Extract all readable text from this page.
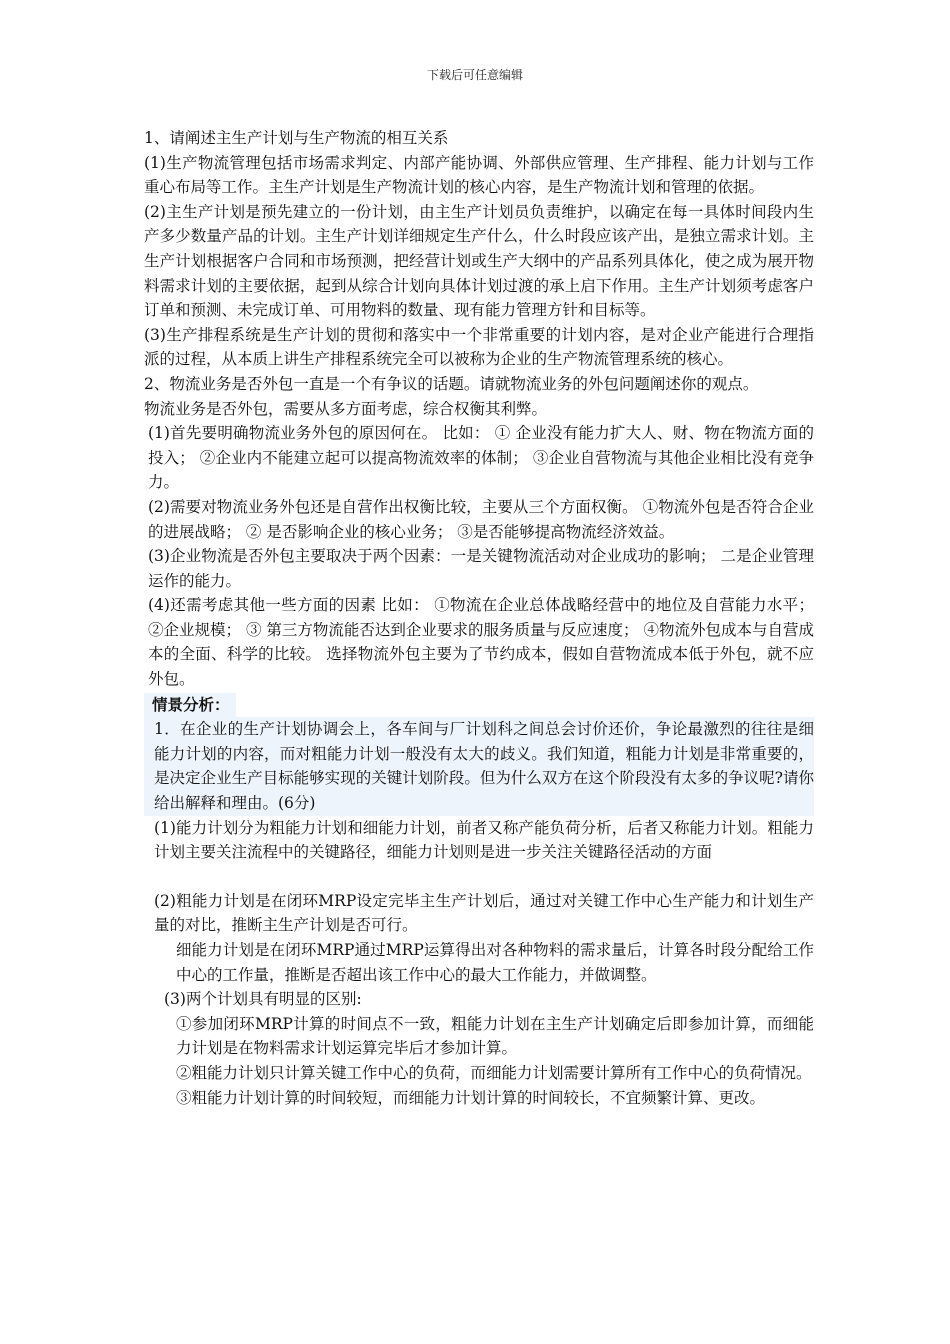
下载后可任意编辑

1、请阐述主生产计划与生产物流的相互关系

(1)生产物流管理包括市场需求判定、内部产能协调、外部供应管理、生产排程、能力计划与工作重心布局等工作。主生产计划是生产物流计划的核心内容，是生产物流计划和管理的依据。

(2)主生产计划是预先建立的一份计划，由主生产计划员负责维护，以确定在每一具体时间段内生产多少数量产品的计划。主生产计划详细规定生产什么，什么时段应该产出，是独立需求计划。主生产计划根据客户合同和市场预测，把经营计划或生产大纲中的产品系列具体化，使之成为展开物料需求计划的主要依据，起到从综合计划向具体计划过渡的承上启下作用。主生产计划须考虑客户订单和预测、未完成订单、可用物料的数量、现有能力管理方针和目标等。

(3)生产排程系统是生产计划的贯彻和落实中一个非常重要的计划内容，是对企业产能进行合理指派的过程，从本质上讲生产排程系统完全可以被称为企业的生产物流管理系统的核心。

2、物流业务是否外包一直是一个有争议的话题。请就物流业务的外包问题阐述你的观点。

物流业务是否外包，需要从多方面考虑，综合权衡其利弊。

(1)首先要明确物流业务外包的原因何在。 比如： ① 企业没有能力扩大人、财、物在物流方面的投入； ②企业内不能建立起可以提高物流效率的体制； ③企业自营物流与其他企业相比没有竞争力。

(2)需要对物流业务外包还是自营作出权衡比较，主要从三个方面权衡。 ①物流外包是否符合企业的进展战略； ② 是否影响企业的核心业务； ③是否能够提高物流经济效益。

(3)企业物流是否外包主要取决于两个因素：一是关键物流活动对企业成功的影响； 二是企业管理运作的能力。

(4)还需考虑其他一些方面的因素 比如： ①物流在企业总体战略经营中的地位及自营能力水平； ②企业规模； ③ 第三方物流能否达到企业要求的服务质量与反应速度； ④物流外包成本与自营成本的全面、科学的比较。 选择物流外包主要为了节约成本，假如自营物流成本低于外包，就不应外包。

情景分析：

1．在企业的生产计划协调会上，各车间与厂计划科之间总会讨价还价，争论最激烈的往往是细能力计划的内容，而对粗能力计划一般没有太大的歧义。我们知道，粗能力计划是非常重要的，是决定企业生产目标能够实现的关键计划阶段。但为什么双方在这个阶段没有太多的争议呢?请你给出解释和理由。(6分)

(1)能力计划分为粗能力计划和细能力计划，前者又称产能负荷分析，后者又称能力计划。粗能力计划主要关注流程中的关键路径，细能力计划则是进一步关注关键路径活动的方面

(2)粗能力计划是在闭环MRP设定完毕主生产计划后，通过对关键工作中心生产能力和计划生产量的对比，推断主生产计划是否可行。

细能力计划是在闭环MRP通过MRP运算得出对各种物料的需求量后，计算各时段分配给工作中心的工作量，推断是否超出该工作中心的最大工作能力，并做调整。

(3)两个计划具有明显的区别:

①参加闭环MRP计算的时间点不一致，粗能力计划在主生产计划确定后即参加计算，而细能力计划是在物料需求计划运算完毕后才参加计算。

②粗能力计划只计算关键工作中心的负荷，而细能力计划需要计算所有工作中心的负荷情况。

③粗能力计划计算的时间较短，而细能力计划计算的时间较长，不宜频繁计算、更改。
